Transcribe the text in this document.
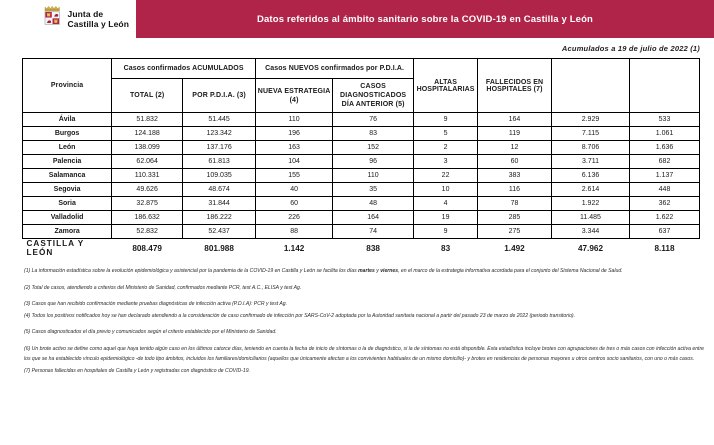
Junta de
Castilla y León	Datos referidos al ámbito sanitario sobre la COVID-19 en Castilla y León
Acumulados a 19 de julio de 2022 (1)
Provincia	Casos confirmados ACUMULADOS		Casos NUEVOS confirmados por P.D.I.A.		ALTAS HOSPITALARIAS	FALLECIDOS EN HOSPITALES (7)		
	TOTAL (2)	POR P.D.I.A. (3)	NUEVA ESTRATEGIA (4)	CASOS DIAGNOSTICADOS DÍA ANTERIOR (5)				
Ávila	51.832	51.445	110	76	9	164	2.929	533
Burgos	124.188	123.342	196	83	5	119	7.115	1.061
León	138.099	137.176	163	152	2	12	8.706	1.636
Palencia	62.064	61.813	104	96	3	60	3.711	682
Salamanca	110.331	109.035	155	110	22	383	6.136	1.137
Segovia	49.626	48.674	40	35	10	116	2.614	448
Soria	32.875	31.844	60	48	4	78	1.922	362
Valladolid	186.632	186.222	226	164	19	285	11.485	1.622
Zamora	52.832	52.437	88	74	9	275	3.344	637
CASTILLA Y LEÓN	808.479	801.988	1.142	838	83	1.492	47.962	8.118
(1) La información estadística sobre la evolución epidemiológica y asistencial por la pandemia de la COVID-19 en Castilla y León se facilita los días martes y viernes, en el marco de la estrategia informativa acordada para el conjunto del Sistema Nacional de Salud.
(2) Total de casos, atendiendo a criterios del Ministerio de Sanidad, confirmados mediante PCR, test A.C., ELISA y test Ag.
(3) Casos que han recibido confirmación mediante pruebas diagnósticas de infección activa (P.D.I.A): PCR y test Ag.
(4) Todos los positivos notificados hoy se han declarado atendiendo a la consideración de caso confirmado de infección por SARS-CoV-2 adoptada por la Autoridad sanitaria nacional a partir del pasado 23 de marzo de 2022 (periodo transitorio).
(5) Casos diagnosticados el día previo y comunicados según el criterio establecido por el Ministerio de Sanidad.
(6) Un brote activo se define como aquel que haya tenido algún caso en los últimos catorce días, teniendo en cuenta la fecha de inicio de síntomas o la de diagnóstico, si la de síntomas no está disponible. Esta estadística incluye brotes con agrupaciones de tres o más casos con infección activa entre los que se ha establecido vínculo epidemiológico -de todo tipo ámbitos, incluidos los familiares/domiciliarios (aquellos que únicamente afectan a los convivientes habituales de un mismo domicilio)- y brotes en residencias de personas mayores u otros centros socio sanitarios, con uno o más casos.
(7) Personas fallecidas en hospitales de Castilla y León y registradas con diagnóstico de COVID-19.
